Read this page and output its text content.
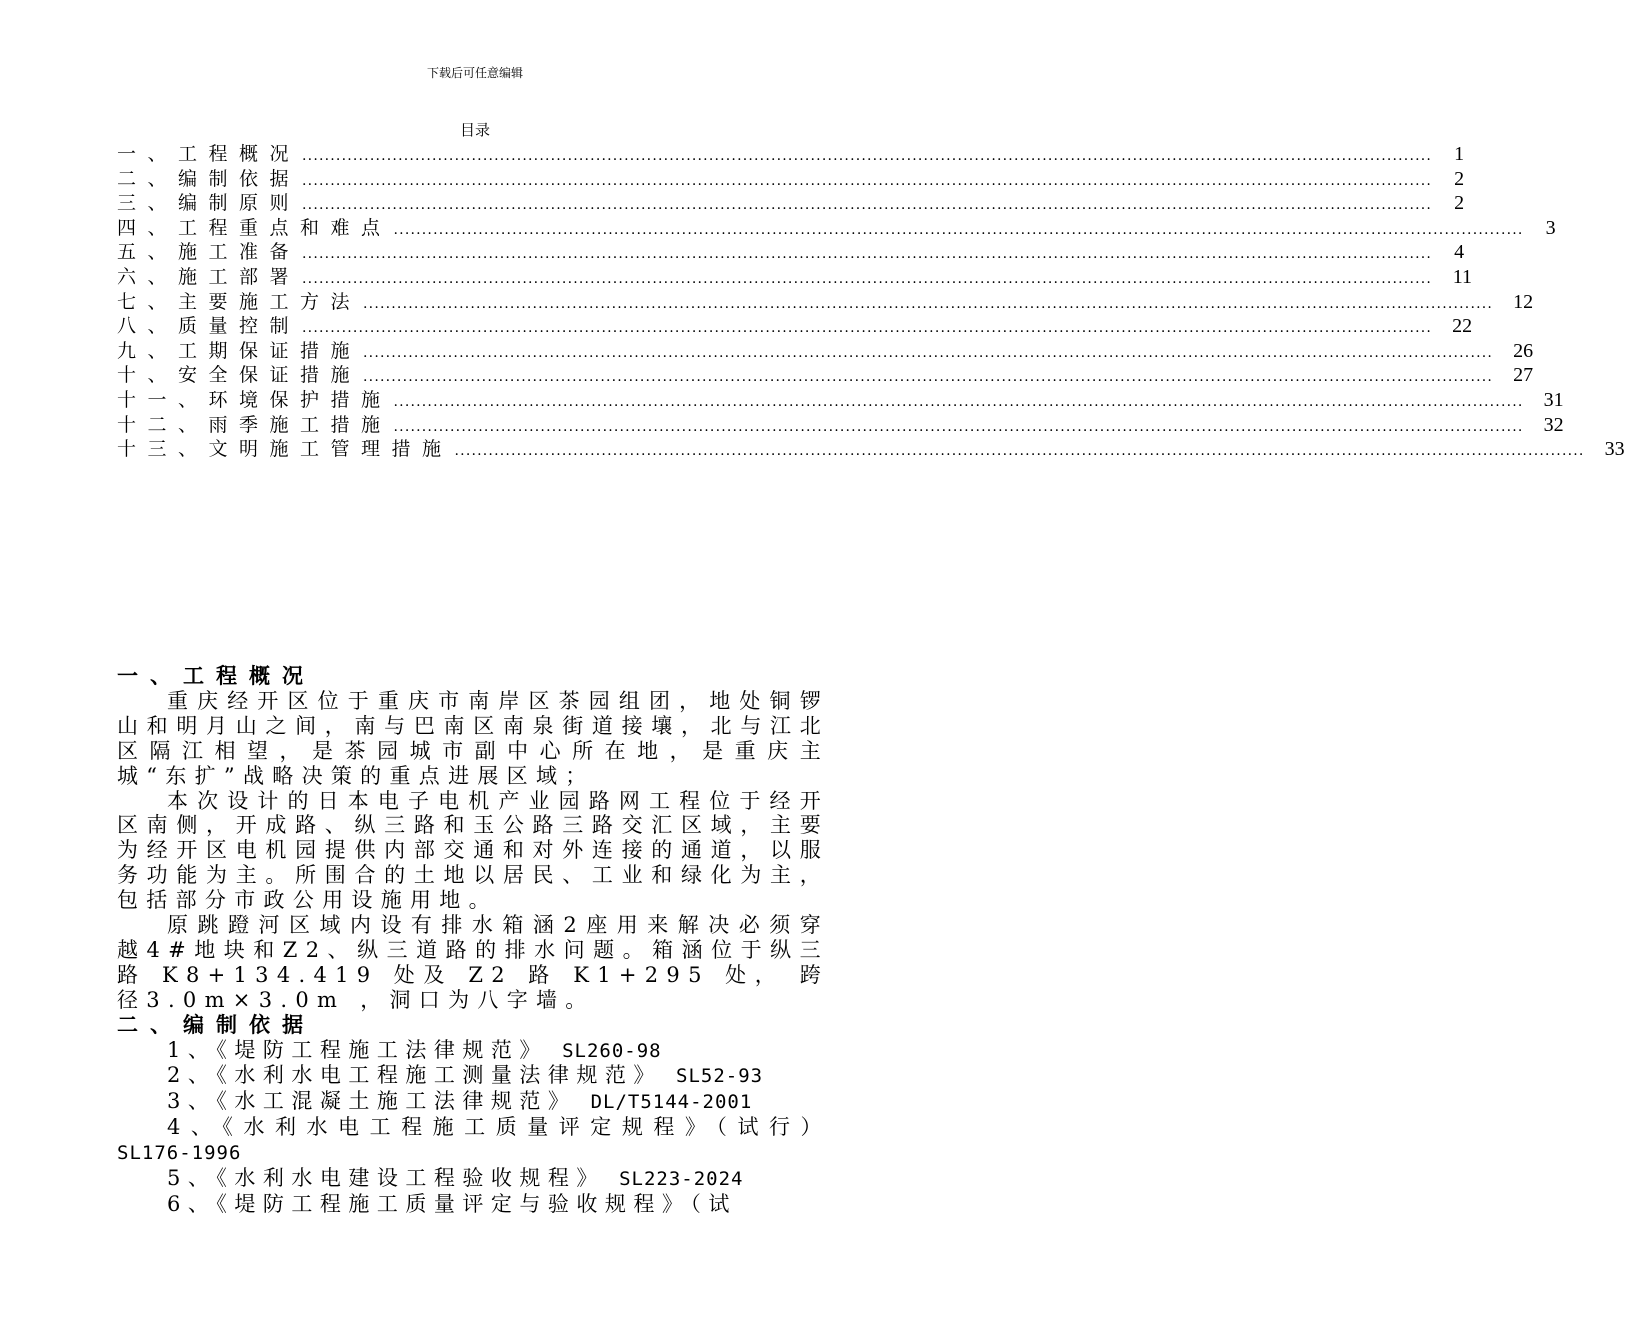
下载后可任意编辑
目录
一、工程概况 ........................................................................................................................................................................................................	1
二、编制依据 ........................................................................................................................................................................................................	2
三、编制原则 ........................................................................................................................................................................................................	2
四、工程重点和难点 ........................................................................................................................................................................................................	3
五、施工准备 ........................................................................................................................................................................................................	4
六、施工部署 ........................................................................................................................................................................................................ 11
七、主要施工方法 ........................................................................................................................................................................................................ 12
八、质量控制 ........................................................................................................................................................................................................ 22
九、工期保证措施 ........................................................................................................................................................................................................ 26
十、安全保证措施 ........................................................................................................................................................................................................ 27
十一、环境保护措施 ........................................................................................................................................................................................................ 31
十二、雨季施工措施 ........................................................................................................................................................................................................ 32
十三、文明施工管理措施 ........................................................................................................................................................................................................ 33
一、工程概况

重庆经开区位于重庆市南岸区茶园组团，地处铜锣山和明月山之间，南与巴南区南泉街道接壤，北与江北区隔江相望，是茶园城市副中心所在地，是重庆主城“东扩”战略决策的重点进展区域；

本次设计的日本电子电机产业园路网工程位于经开区南侧，开成路、纵三路和玉公路三路交汇区域，主要为经开区电机园提供内部交通和对外连接的通道，以服务功能为主。所围合的土地以居民、工业和绿化为主，包括部分市政公用设施用地。

原跳蹬河区域内设有排水箱涵2座用来解决必须穿越4#地块和Z2、纵三道路的排水问题。箱涵位于纵三路 K8+134.419 处及 Z2 路 K1+295 处， 跨径3.0m×3.0m ，洞口为八字墙。

二、编制依据
1、《堤防工程施工法律规范》 SL260-98
2、《水利水电工程施工测量法律规范》 SL52-93
3、《水工混凝土施工法律规范》 DL/T5144-2001
4、《水利水电工程施工质量评定规程》（试行） SL176-1996
5、《水利水电建设工程验收规程》 SL223-2024
6、《堤防工程施工质量评定与验收规程》（试
